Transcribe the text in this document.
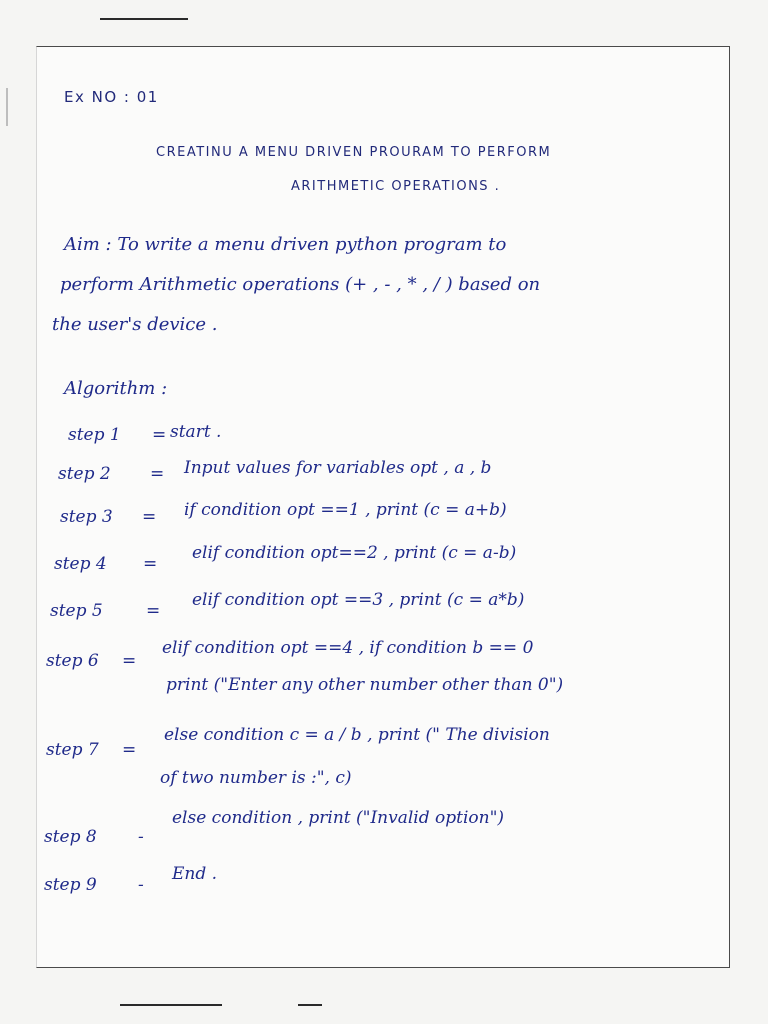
Ex NO : 01
CREATINU A MENU DRIVEN PROURAM TO PERFORM
ARITHMETIC OPERATIONS .
Aim : To write a menu driven python program to
perform Arithmetic operations (+ , - , * , / ) based on
the user's device .
Algorithm :
step 1 = start .
step 2 = Input values for variables opt , a , b
step 3 = if condition opt ==1 , print (c = a+b)
step 4 =
elif condition opt==2 , print (c = a-b)
step 5	=
elif condition opt ==3 , print (c = a*b)
step 6 =
elif condition opt ==4 , if condition b == 0
print ("Enter any other number other than 0")
step 7 =
else condition c = a / b , print (" The division
of two number is :", c)
step 8 -
else condition , print ("Invalid option")
step 9 -
End .
